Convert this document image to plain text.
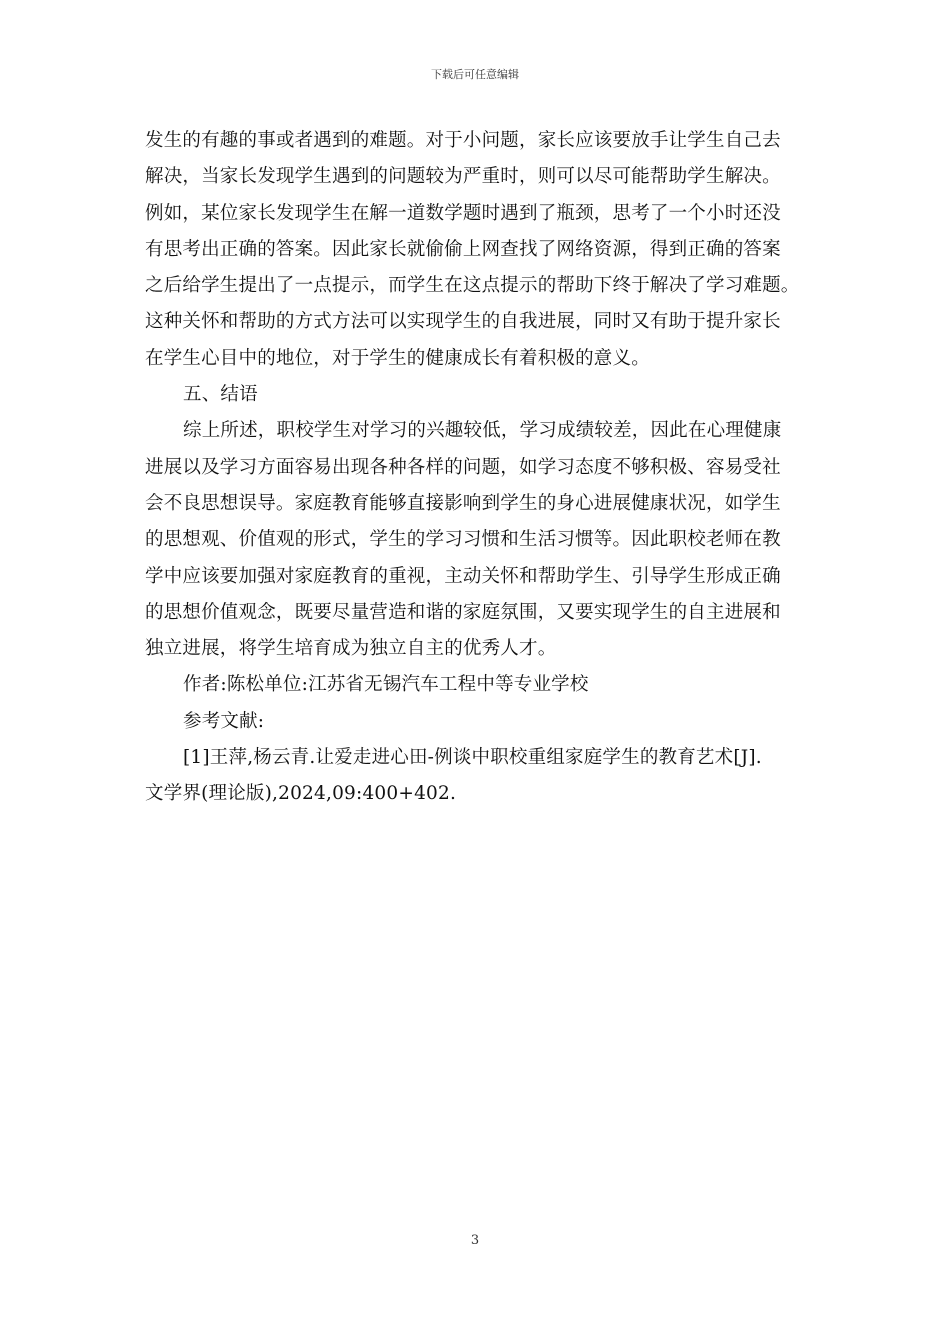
下载后可任意编辑
发生的有趣的事或者遇到的难题。对于小问题，家长应该要放手让学生自己去
解决，当家长发现学生遇到的问题较为严重时，则可以尽可能帮助学生解决。
例如，某位家长发现学生在解一道数学题时遇到了瓶颈，思考了一个小时还没
有思考出正确的答案。因此家长就偷偷上网查找了网络资源，得到正确的答案
之后给学生提出了一点提示，而学生在这点提示的帮助下终于解决了学习难题。
这种关怀和帮助的方式方法可以实现学生的自我进展，同时又有助于提升家长
在学生心目中的地位，对于学生的健康成长有着积极的意义。
五、结语
综上所述，职校学生对学习的兴趣较低，学习成绩较差，因此在心理健康
进展以及学习方面容易出现各种各样的问题，如学习态度不够积极、容易受社
会不良思想误导。家庭教育能够直接影响到学生的身心进展健康状况，如学生
的思想观、价值观的形式，学生的学习习惯和生活习惯等。因此职校老师在教
学中应该要加强对家庭教育的重视，主动关怀和帮助学生、引导学生形成正确
的思想价值观念，既要尽量营造和谐的家庭氛围，又要实现学生的自主进展和
独立进展，将学生培育成为独立自主的优秀人才。
作者:陈松单位:江苏省无锡汽车工程中等专业学校
参考文献:
[1]王萍,杨云青.让爱走进心田-例谈中职校重组家庭学生的教育艺术[J].
文学界(理论版),2024,09:400+402.
3
